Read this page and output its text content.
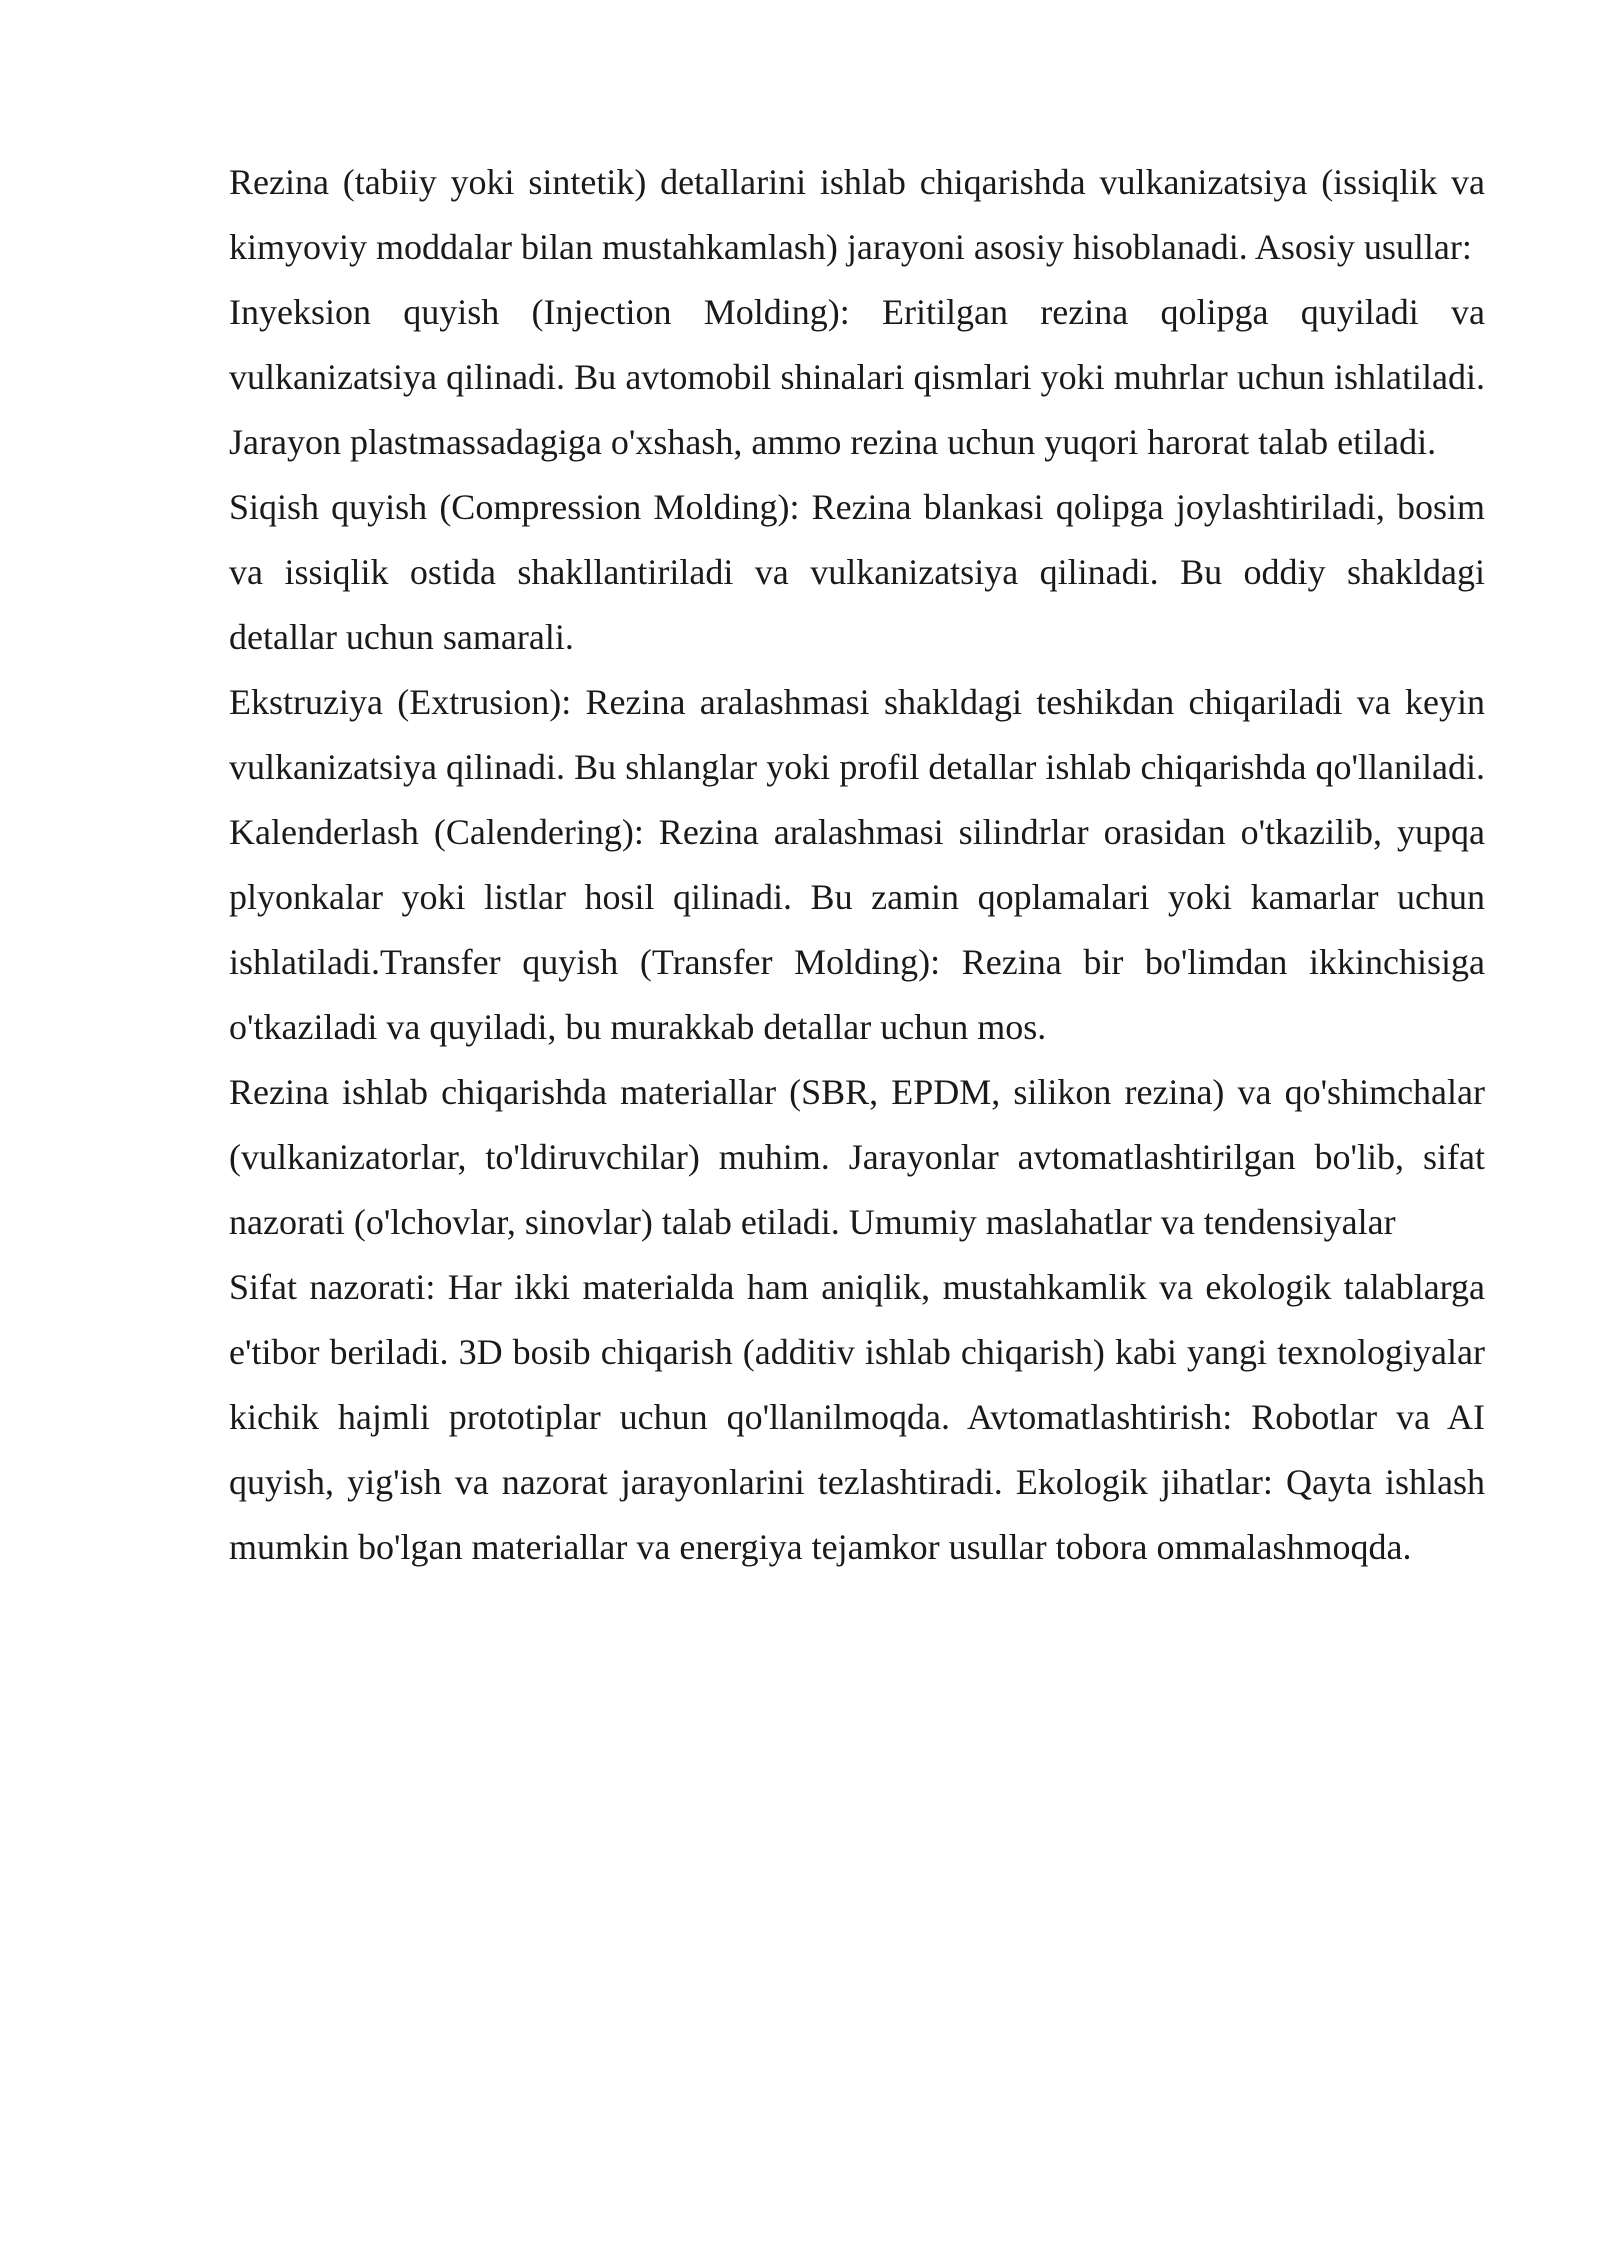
Rezina (tabiiy yoki sintetik) detallarini ishlab chiqarishda vulkanizatsiya (issiqlik va kimyoviy moddalar bilan mustahkamlash) jarayoni asosiy hisoblanadi. Asosiy usullar:

Inyeksion quyish (Injection Molding): Eritilgan rezina qolipga quyiladi va vulkanizatsiya qilinadi. Bu avtomobil shinalari qismlari yoki muhrlar uchun ishlatiladi. Jarayon plastmassadagiga o'xshash, ammo rezina uchun yuqori harorat talab etiladi.

Siqish quyish (Compression Molding): Rezina blankasi qolipga joylashtiriladi, bosim va issiqlik ostida shakllantiriladi va vulkanizatsiya qilinadi. Bu oddiy shakldagi detallar uchun samarali.

Ekstruziya (Extrusion): Rezina aralashmasi shakldagi teshikdan chiqariladi va keyin vulkanizatsiya qilinadi. Bu shlanglar yoki profil detallar ishlab chiqarishda qo'llaniladi. Kalenderlash (Calendering): Rezina aralashmasi silindrlar orasidan o'tkazilib, yupqa plyonkalar yoki listlar hosil qilinadi. Bu zamin qoplamalari yoki kamarlar uchun ishlatiladi.Transfer quyish (Transfer Molding): Rezina bir bo'limdan ikkinchisiga o'tkaziladi va quyiladi, bu murakkab detallar uchun mos.

Rezina ishlab chiqarishda materiallar (SBR, EPDM, silikon rezina) va qo'shimchalar (vulkanizatorlar, to'ldiruvchilar) muhim. Jarayonlar avtomatlashtirilgan bo'lib, sifat nazorati (o'lchovlar, sinovlar) talab etiladi. Umumiy maslahatlar va tendensiyalar

Sifat nazorati: Har ikki materialda ham aniqlik, mustahkamlik va ekologik talablarga e'tibor beriladi. 3D bosib chiqarish (additiv ishlab chiqarish) kabi yangi texnologiyalar kichik hajmli prototiplar uchun qo'llanilmoqda. Avtomatlashtirish: Robotlar va AI quyish, yig'ish va nazorat jarayonlarini tezlashtiradi. Ekologik jihatlar: Qayta ishlash mumkin bo'lgan materiallar va energiya tejamkor usullar tobora ommalashmoqda.
